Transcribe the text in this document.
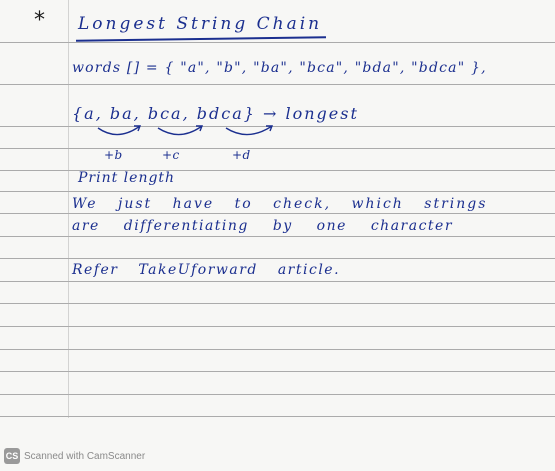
* Longest String Chain
words [] = { "a", "b", "ba", "bca", "bda", "bdca" },
{a, ba, bca, bdca} → longest
+b	+c	+d
Print length
We just have to check, which strings
are differentiating by one character
Refer TakeUforward article.
CS Scanned with CamScanner
